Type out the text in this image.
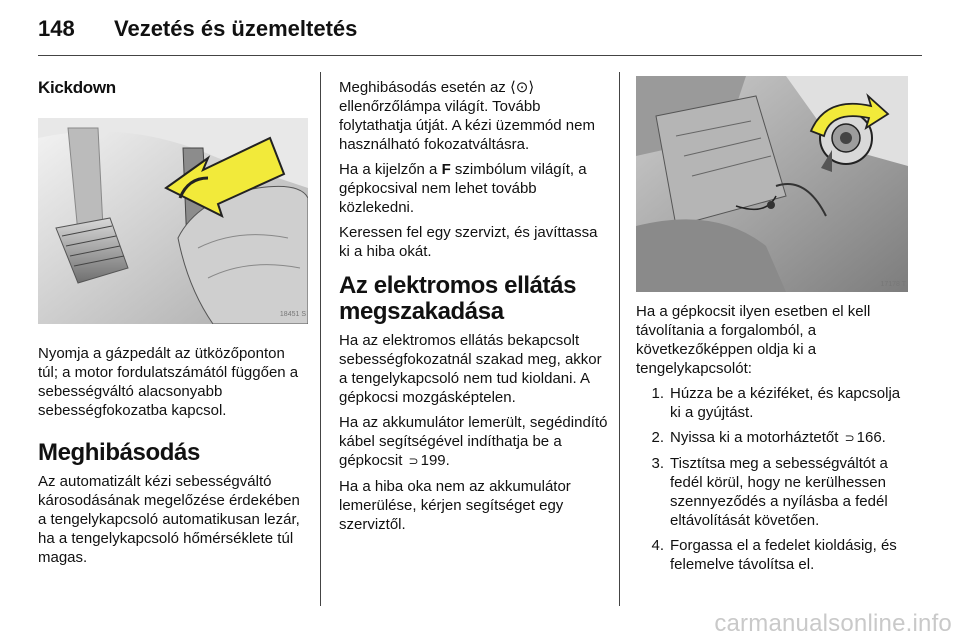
148	Vezetés és üzemeltetés
Kickdown
18451 S

Nyomja a gázpedált az ütközőponton túl; a motor fordulatszámától függően a sebességváltó alacsonyabb sebességfokozatba kapcsol.

Meghibásodás

Az automatizált kézi sebességváltó károsodásának megelőzése érdekében a tengelykapcsoló automatikusan lezár, ha a tengelykapcsoló hőmérséklete túl magas.

Meghibásodás esetén az ⟨⊙⟩ ellenőrzőlámpa világít. Tovább folytathatja útját. A kézi üzemmód nem használható fokozatváltásra.

Ha a kijelzőn a F szimbólum világít, a gépkocsival nem lehet tovább közlekedni.

Keressen fel egy szervizt, és javíttassa ki a hiba okát.

Az elektromos ellátás megszakadása

Ha az elektromos ellátás bekapcsolt sebességfokozatnál szakad meg, akkor a tengelykapcsoló nem tud kioldani. A gépkocsi mozgásképtelen.

Ha az akkumulátor lemerült, segédindító kábel segítségével indíthatja be a gépkocsit ⊃ 199.

Ha a hiba oka nem az akkumulátor lemerülése, kérjen segítséget egy szerviztől.

17178 T

Ha a gépkocsit ilyen esetben el kell távolítania a forgalomból, a következőképpen oldja ki a tengelykapcsolót:

1. Húzza be a kéziféket, és kapcsolja ki a gyújtást.
2. Nyissa ki a motorháztetőt ⊃ 166.
3. Tisztítsa meg a sebességváltót a fedél körül, hogy ne kerülhessen szennyeződés a nyílásba a fedél eltávolítását követően.
4. Forgassa el a fedelet kioldásig, és felemelve távolítsa el.
carmanualsonline.info
